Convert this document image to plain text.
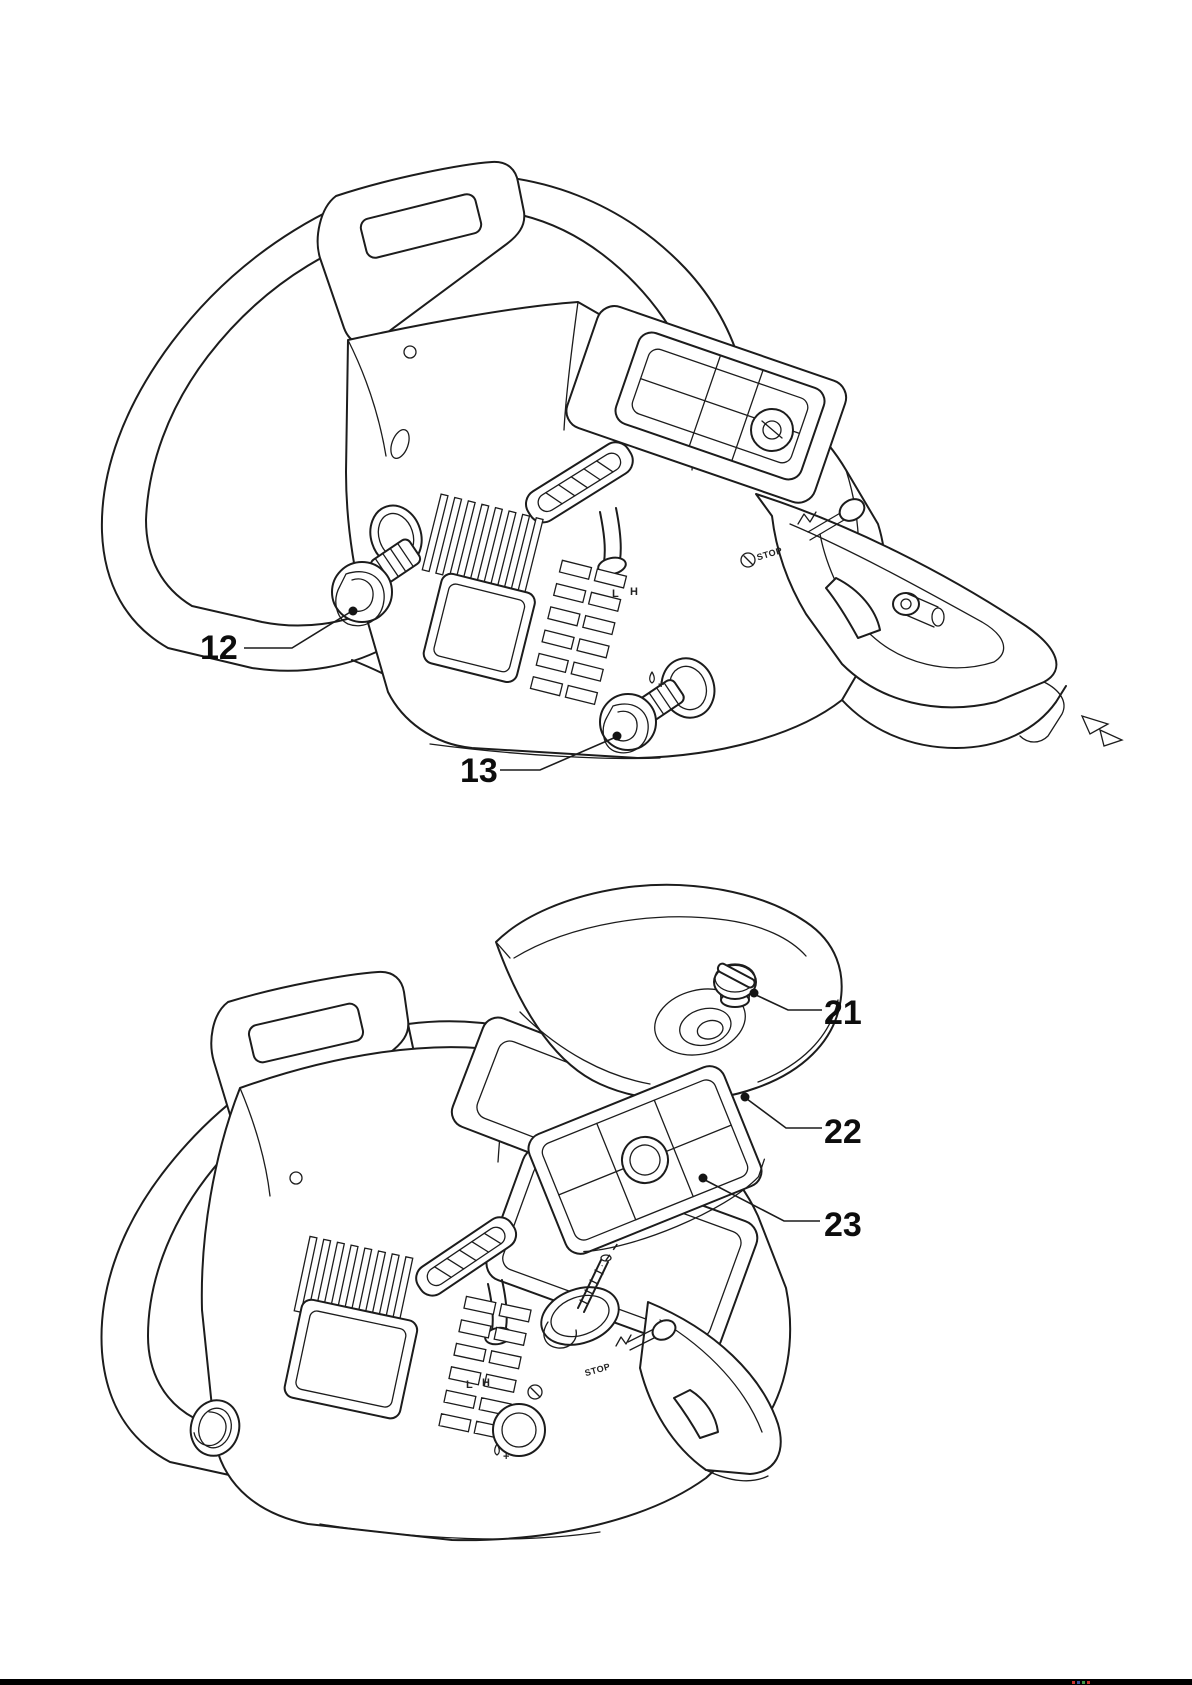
STOP
L H
+
12
13
STOP
L H
+
21
22
23
